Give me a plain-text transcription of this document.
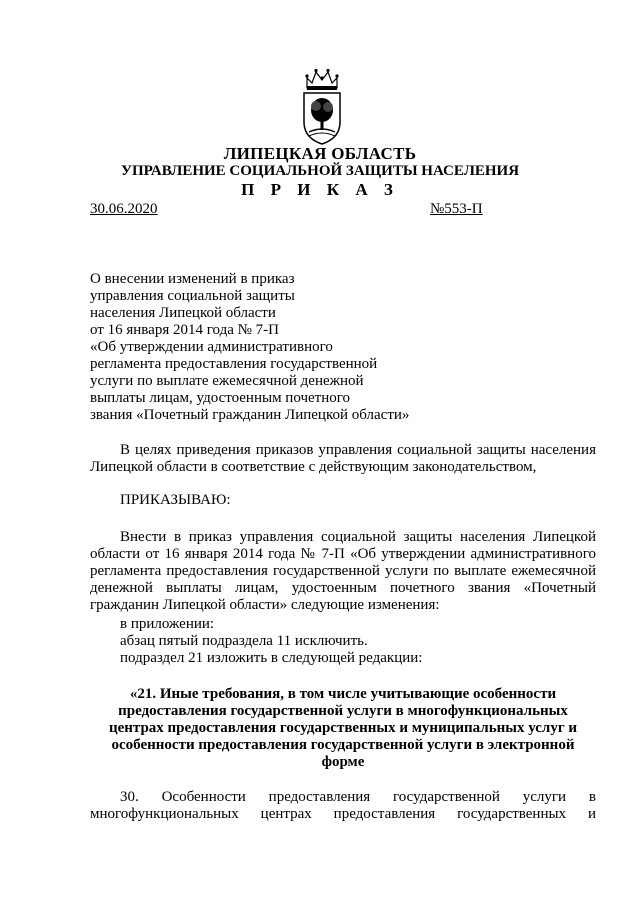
ЛИПЕЦКАЯ ОБЛАСТЬ
УПРАВЛЕНИЕ СОЦИАЛЬНОЙ ЗАЩИТЫ НАСЕЛЕНИЯ
П Р И К А З
30.06.2020	№553-П
О внесении изменений в приказ
управления социальной защиты
населения Липецкой области
от 16 января 2014 года № 7-П
«Об утверждении административного
регламента предоставления государственной
услуги по выплате ежемесячной денежной
выплаты лицам, удостоенным почетного
звания «Почетный гражданин Липецкой области»
В целях приведения приказов управления социальной защиты населения
Липецкой области в соответствие с действующим законодательством,
ПРИКАЗЫВАЮ:
Внести в приказ управления социальной защиты населения Липецкой
области от 16 января 2014 года № 7-П «Об утверждении административного
регламента предоставления государственной услуги по выплате ежемесячной
денежной выплаты лицам, удостоенным почетного звания «Почетный
гражданин Липецкой области» следующие изменения:
в приложении:
абзац пятый подраздела 11 исключить.
подраздел 21 изложить в следующей редакции:
«21. Иные требования, в том числе учитывающие особенности
предоставления государственной услуги в многофункциональных
центрах предоставления государственных и муниципальных услуг и
особенности предоставления государственной услуги в электронной
форме
30. Особенности предоставления государственной услуги в
многофункциональных центрах предоставления государственных и
